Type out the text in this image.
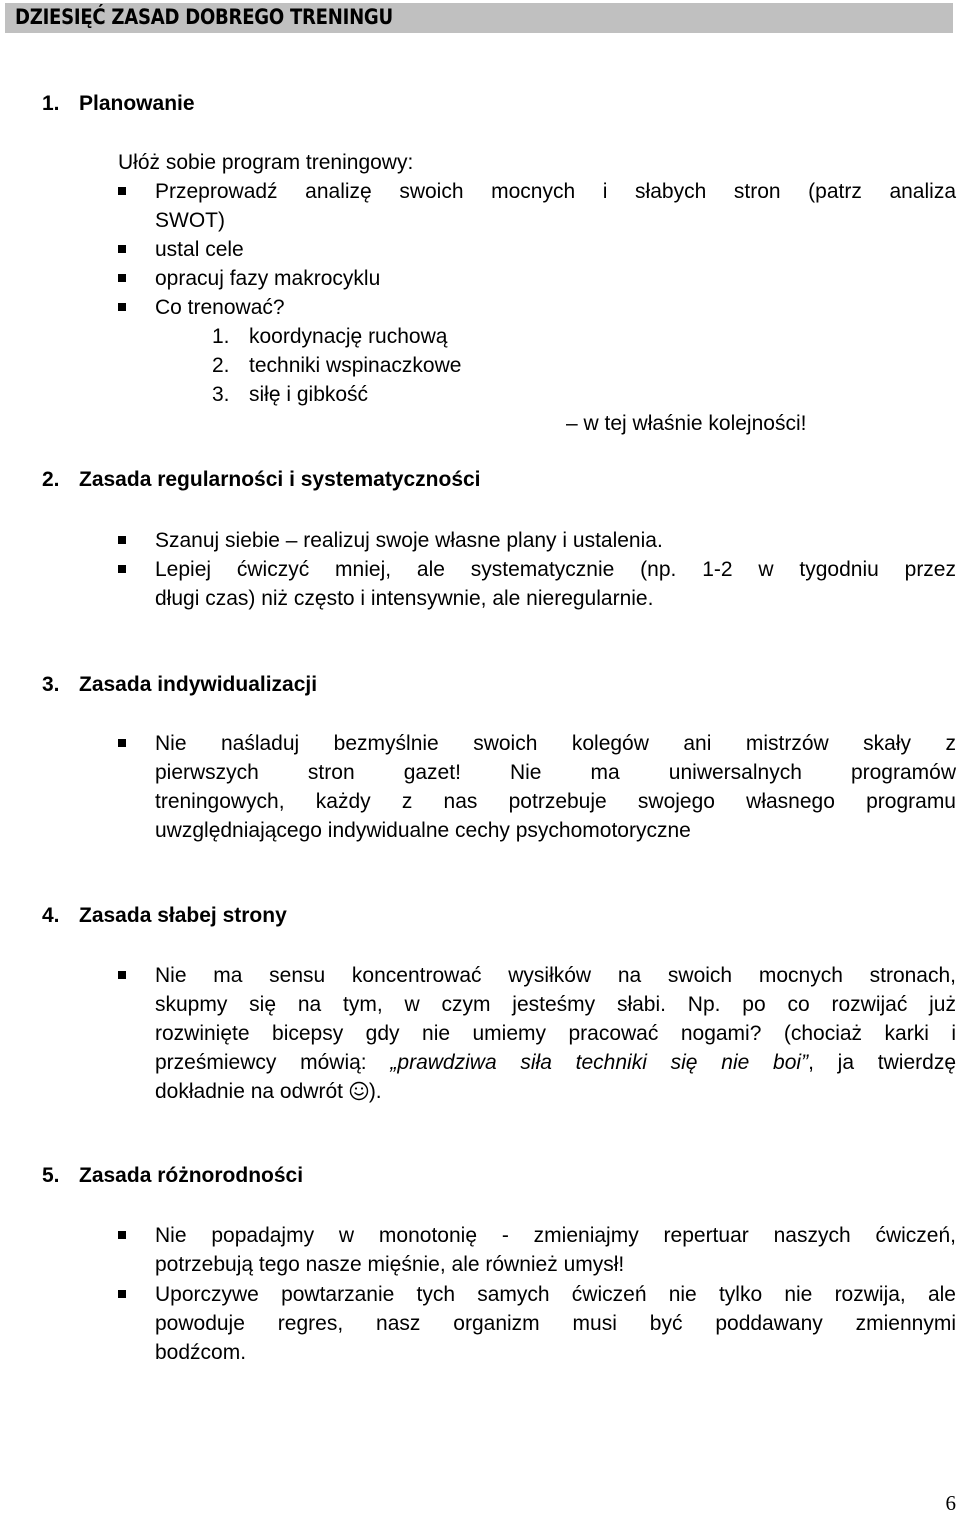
DZIESIĘĆ ZASAD DOBREGO TRENINGU
1. Planowanie
Ułóż sobie program treningowy:
Przeprowadź analizę swoich mocnych i słabych stron (patrz analiza
SWOT)
ustal cele
opracuj fazy makrocyklu
Co trenować?
1. koordynację ruchową
2. techniki wspinaczkowe
3. siłę i gibkość
– w tej właśnie kolejności!
2. Zasada regularności i systematyczności
Szanuj siebie – realizuj swoje własne plany i ustalenia.
Lepiej ćwiczyć mniej, ale systematycznie (np. 1-2 w tygodniu przez
długi czas) niż często i intensywnie, ale nieregularnie.
3. Zasada indywidualizacji
Nie naśladuj bezmyślnie swoich kolegów ani mistrzów skały z
pierwszych stron gazet! Nie ma uniwersalnych programów
treningowych, każdy z nas potrzebuje swojego własnego programu
uwzględniającego indywidualne cechy psychomotoryczne
4. Zasada słabej strony
Nie ma sensu koncentrować wysiłków na swoich mocnych stronach,
skupmy się na tym, w czym jesteśmy słabi. Np. po co rozwijać już
rozwinięte bicepsy gdy nie umiemy pracować nogami? (chociaż karki i
prześmiewcy mówią: „prawdziwa siła techniki się nie boi”, ja twierdzę
dokładnie na odwrót ).
5. Zasada różnorodności
Nie popadajmy w monotonię - zmieniajmy repertuar naszych ćwiczeń,
potrzebują tego nasze mięśnie, ale również umysł!
Uporczywe powtarzanie tych samych ćwiczeń nie tylko nie rozwija, ale
powoduje regres, nasz organizm musi być poddawany zmiennymi
bodźcom.
6
